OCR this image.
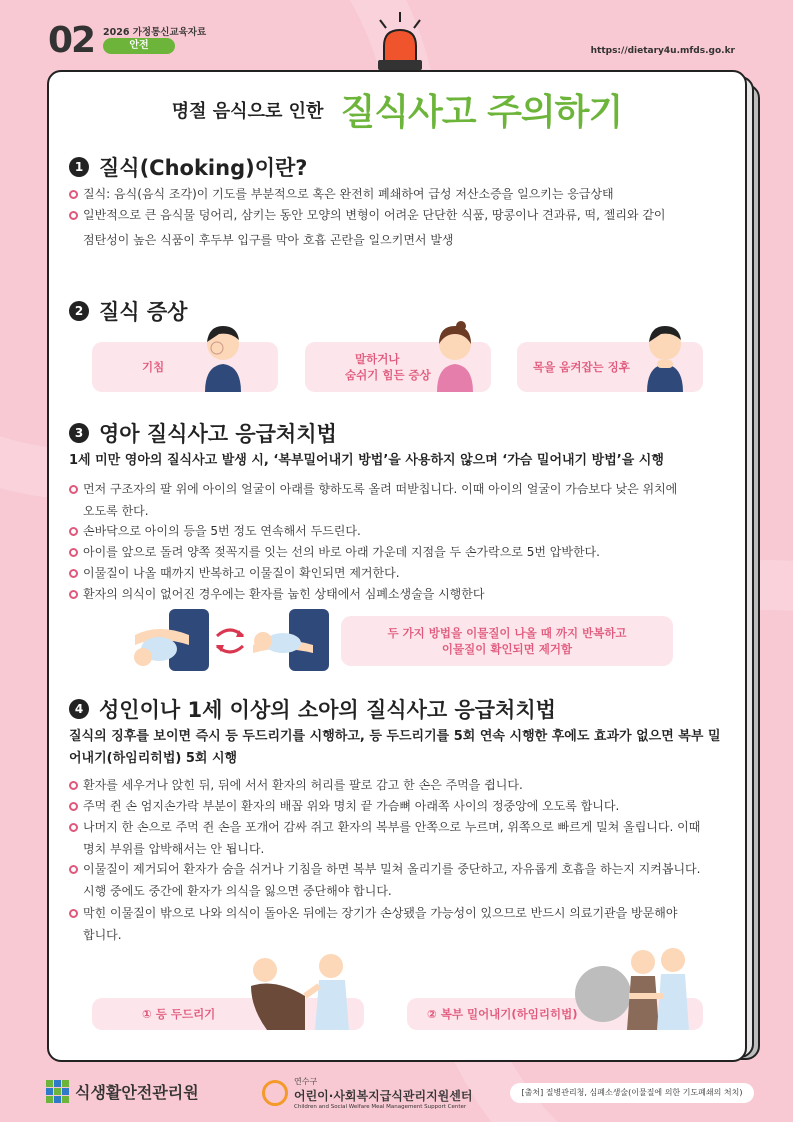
02 2026 가정통신교육자료
안전	https://dietary4u.mfds.go.kr
명절 음식으로 인한 질식사고 주의하기
1 질식(Choking)이란?
질식: 음식(음식 조각)이 기도를 부분적으로 혹은 완전히 폐쇄하여 급성 저산소증을 일으키는 응급상태
일반적으로 큰 음식물 덩어리, 삼키는 동안 모양의 변형이 어려운 단단한 식품, 땅콩이나 견과류, 떡, 젤리와 같이
점탄성이 높은 식품이 후두부 입구를 막아 호흡 곤란을 일으키면서 발생
2 질식 증상
기침
말하거나
숨쉬기 힘든 증상
목을 움켜잡는 징후
3 영아 질식사고 응급처치법
1세 미만 영아의 질식사고 발생 시, ‘복부밀어내기 방법’을 사용하지 않으며 ‘가슴 밀어내기 방법’을 시행
먼저 구조자의 팔 위에 아이의 얼굴이 아래를 향하도록 올려 떠받칩니다. 이때 아이의 얼굴이 가슴보다 낮은 위치에
오도록 한다.
손바닥으로 아이의 등을 5번 정도 연속해서 두드린다.
아이를 앞으로 돌려 양쪽 젖꼭지를 잇는 선의 바로 아래 가운데 지점을 두 손가락으로 5번 압박한다.
이물질이 나올 때까지 반복하고 이물질이 확인되면 제거한다.
환자의 의식이 없어진 경우에는 환자를 눕힌 상태에서 심폐소생술을 시행한다
두 가지 방법을 이물질이 나올 때 까지 반복하고
이물질이 확인되면 제거함
4 성인이나 1세 이상의 소아의 질식사고 응급처치법
질식의 징후를 보이면 즉시 등 두드리기를 시행하고, 등 두드리기를 5회 연속 시행한 후에도 효과가 없으면 복부 밀어내기(하임리히법) 5회 시행
환자를 세우거나 앉힌 뒤, 뒤에 서서 환자의 허리를 팔로 감고 한 손은 주먹을 쥡니다.
주먹 쥔 손 엄지손가락 부분이 환자의 배꼽 위와 명치 끝 가슴뼈 아래쪽 사이의 정중앙에 오도록 합니다.
나머지 한 손으로 주먹 쥔 손을 포개어 감싸 쥐고 환자의 복부를 안쪽으로 누르며, 위쪽으로 빠르게 밀쳐 올립니다. 이때
명치 부위를 압박해서는 안 됩니다.
이물질이 제거되어 환자가 숨을 쉬거나 기침을 하면 복부 밀쳐 올리기를 중단하고, 자유롭게 호흡을 하는지 지켜봅니다.
시행 중에도 중간에 환자가 의식을 잃으면 중단해야 합니다.
막힌 이물질이 밖으로 나와 의식이 돌아온 뒤에는 장기가 손상됐을 가능성이 있으므로 반드시 의료기관을 방문해야
합니다.
① 등 두드리기	② 복부 밀어내기(하임리히법)
식생활안전관리원
연수구
어린이·사회복지급식관리지원센터
Children and Social Welfare Meal Management Support Center
[출처] 질병관리청, 심폐소생술(이물질에 의한 기도폐쇄의 처치)
